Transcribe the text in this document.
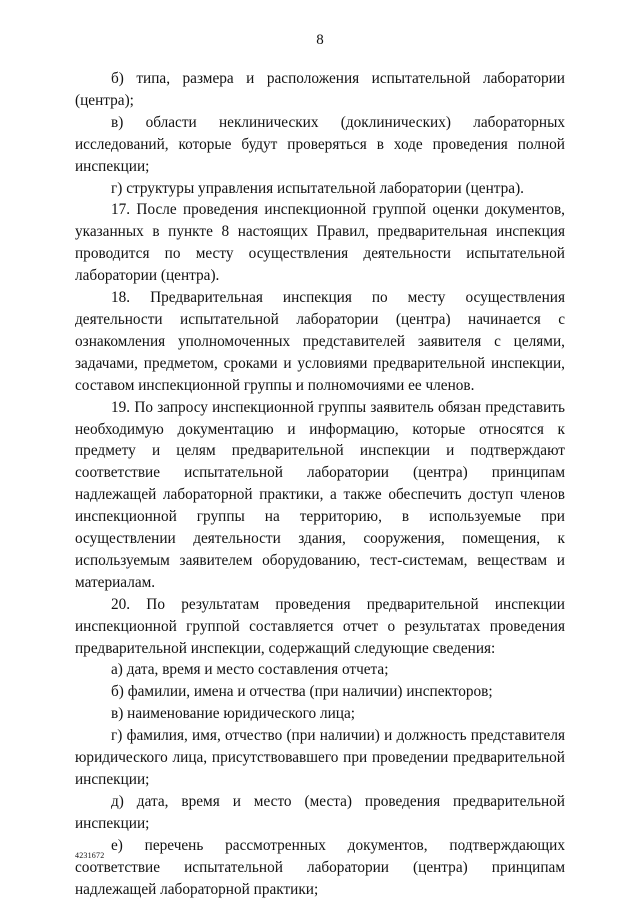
8

б) типа, размера и расположения испытательной лаборатории (центра);

в) области неклинических (доклинических) лабораторных исследований, которые будут проверяться в ходе проведения полной инспекции;

г) структуры управления испытательной лаборатории (центра).

17. После проведения инспекционной группой оценки документов, указанных в пункте 8 настоящих Правил, предварительная инспекция проводится по месту осуществления деятельности испытательной лаборатории (центра).

18. Предварительная инспекция по месту осуществления деятельности испытательной лаборатории (центра) начинается с ознакомления уполномоченных представителей заявителя с целями, задачами, предметом, сроками и условиями предварительной инспекции, составом инспекционной группы и полномочиями ее членов.

19. По запросу инспекционной группы заявитель обязан представить необходимую документацию и информацию, которые относятся к предмету и целям предварительной инспекции и подтверждают соответствие испытательной лаборатории (центра) принципам надлежащей лабораторной практики, а также обеспечить доступ членов инспекционной группы на территорию, в используемые при осуществлении деятельности здания, сооружения, помещения, к используемым заявителем оборудованию, тест-системам, веществам и материалам.

20. По результатам проведения предварительной инспекции инспекционной группой составляется отчет о результатах проведения предварительной инспекции, содержащий следующие сведения:

а) дата, время и место составления отчета;

б) фамилии, имена и отчества (при наличии) инспекторов;

в) наименование юридического лица;

г) фамилия, имя, отчество (при наличии) и должность представителя юридического лица, присутствовавшего при проведении предварительной инспекции;

д) дата, время и место (места) проведения предварительной инспекции;

е) перечень рассмотренных документов, подтверждающих соответствие испытательной лаборатории (центра) принципам надлежащей лабораторной практики;

4231672
